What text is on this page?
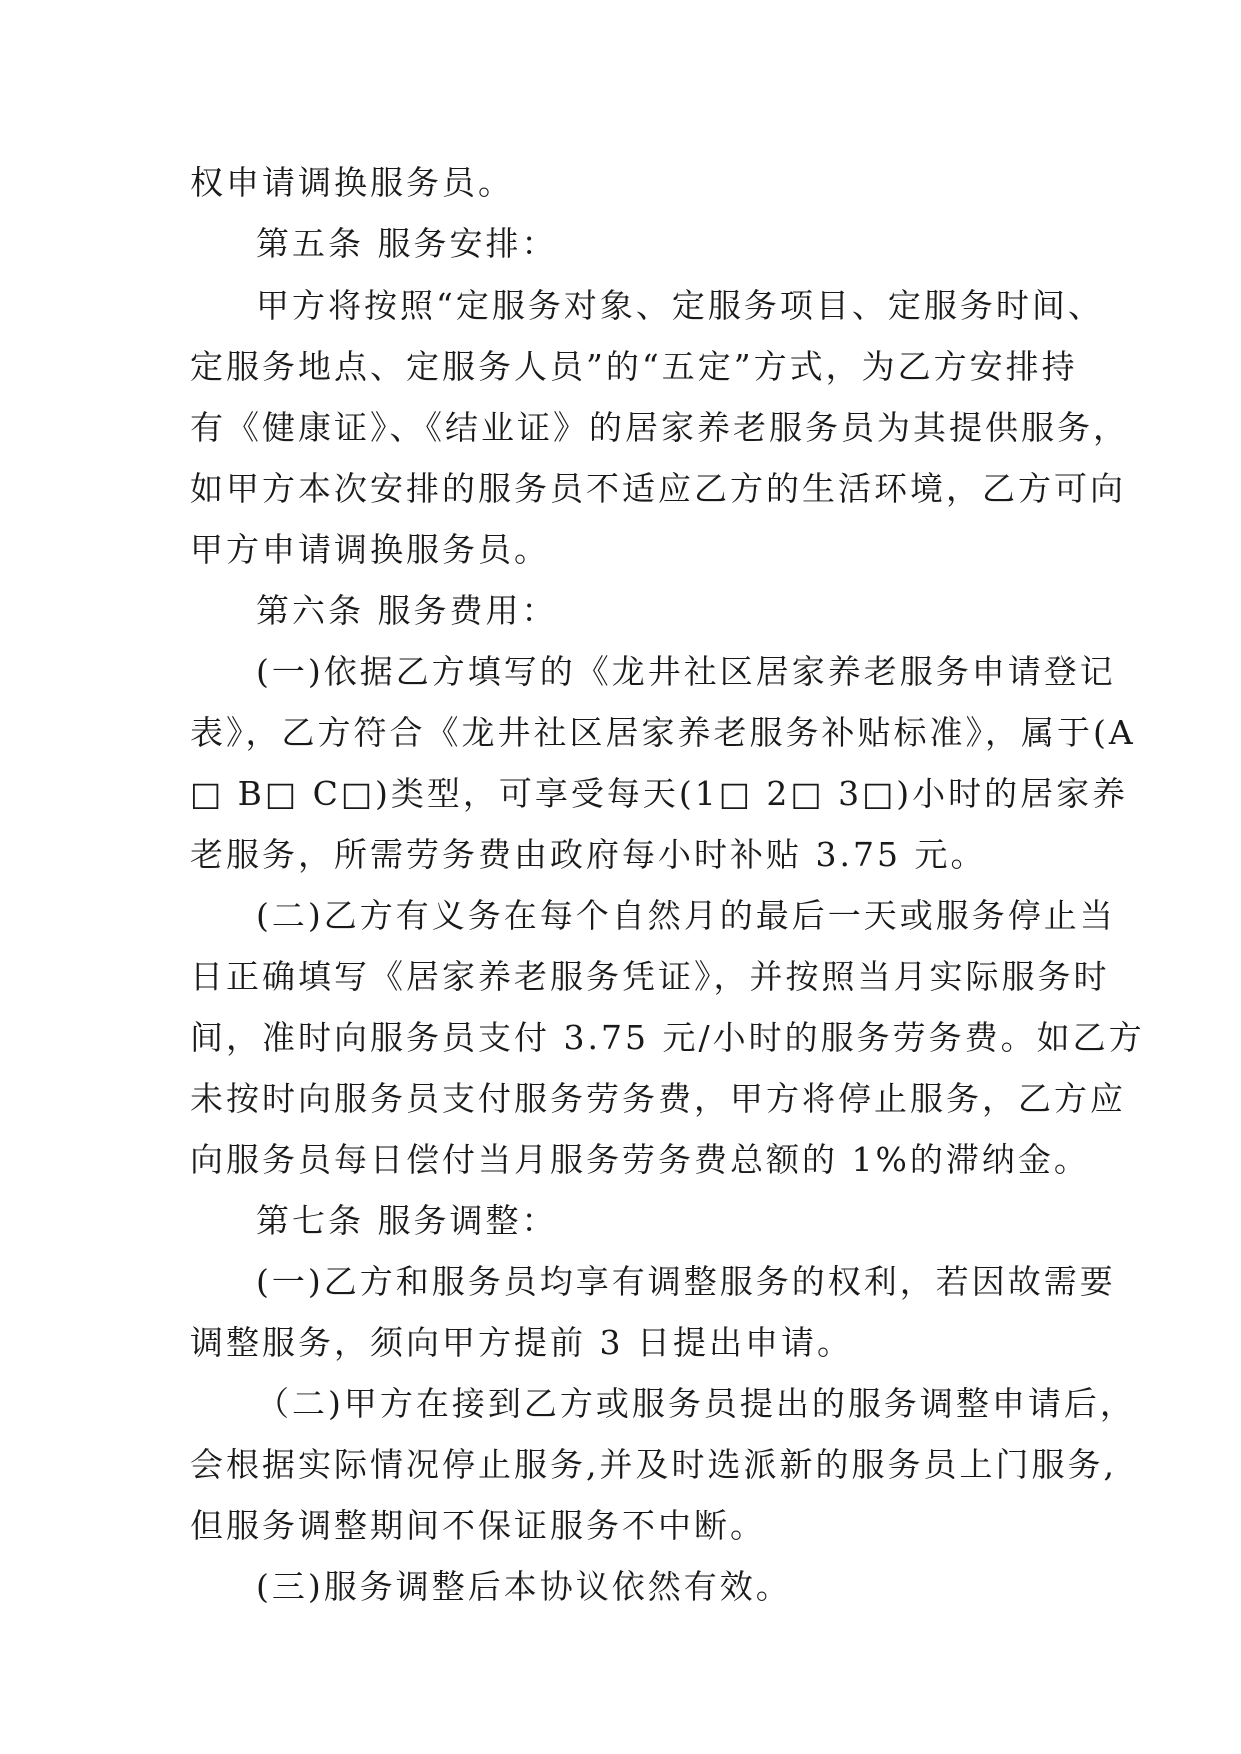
权申请调换服务员。
第五条 服务安排：
甲方将按照“定服务对象、定服务项目、定服务时间、
定服务地点、定服务人员”的“五定”方式，为乙方安排持
有《健康证》、《结业证》的居家养老服务员为其提供服务，
如甲方本次安排的服务员不适应乙方的生活环境，乙方可向
甲方申请调换服务员。
第六条 服务费用：
(一)依据乙方填写的《龙井社区居家养老服务申请登记
表》，乙方符合《龙井社区居家养老服务补贴标准》，属于(A
□ B□ C□)类型，可享受每天(1□ 2□ 3□)小时的居家养
老服务，所需劳务费由政府每小时补贴 3.75 元。
(二)乙方有义务在每个自然月的最后一天或服务停止当
日正确填写《居家养老服务凭证》，并按照当月实际服务时
间，准时向服务员支付 3.75 元/小时的服务劳务费。如乙方
未按时向服务员支付服务劳务费，甲方将停止服务，乙方应
向服务员每日偿付当月服务劳务费总额的 1%的滞纳金。
第七条 服务调整：
(一)乙方和服务员均享有调整服务的权利，若因故需要
调整服务，须向甲方提前 3 日提出申请。
（二)甲方在接到乙方或服务员提出的服务调整申请后，
会根据实际情况停止服务,并及时选派新的服务员上门服务,
但服务调整期间不保证服务不中断。
(三)服务调整后本协议依然有效。
